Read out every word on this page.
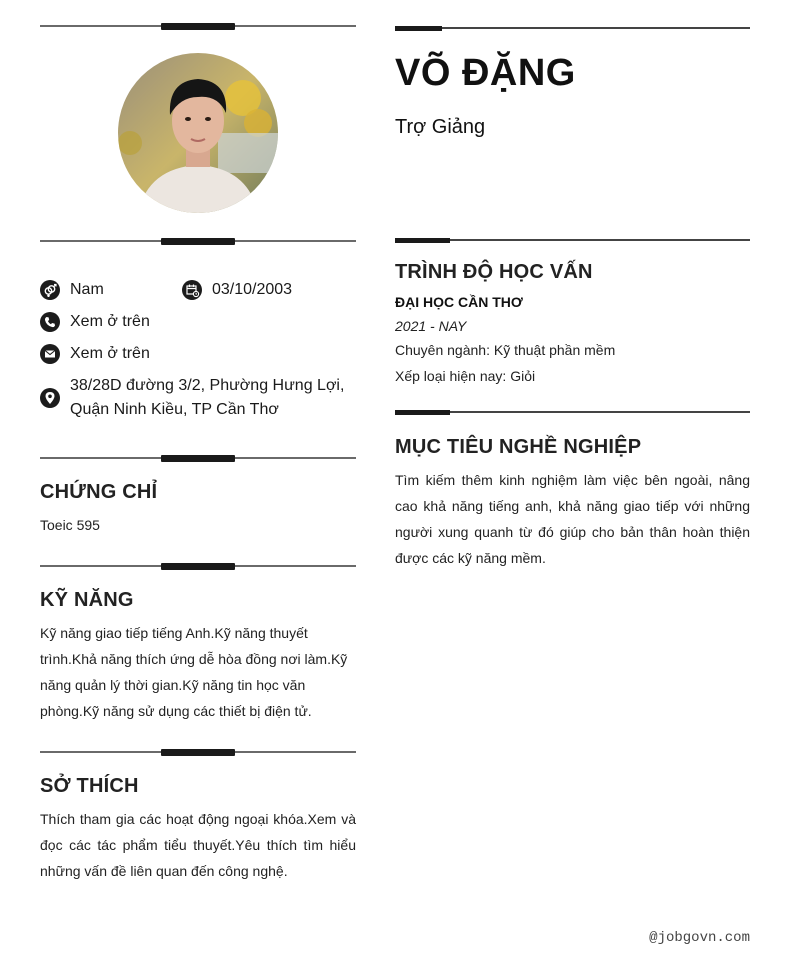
Nam	03/10/2003
Xem ở trên
Xem ở trên
38/28D đường 3/2, Phường Hưng Lợi,
Quận Ninh Kiều, TP Cần Thơ
CHỨNG CHỈ
Toeic 595
KỸ NĂNG
Kỹ năng giao tiếp tiếng Anh.Kỹ năng thuyết
trình.Khả năng thích ứng dễ hòa đồng nơi làm.Kỹ
năng quản lý thời gian.Kỹ năng tin học văn
phòng.Kỹ năng sử dụng các thiết bị điện tử.
SỞ THÍCH
Thích tham gia các hoạt động ngoại khóa.Xem và đọc các tác phẩm tiểu thuyết.Yêu thích tìm hiểu những vấn đề liên quan đến công nghệ.
VÕ ĐẶNG
Trợ Giảng
TRÌNH ĐỘ HỌC VẤN
ĐẠI HỌC CẦN THƠ
2021 - NAY
Chuyên ngành: Kỹ thuật phần mềm
Xếp loại hiện nay: Giỏi
MỤC TIÊU NGHỀ NGHIỆP
Tìm kiếm thêm kinh nghiệm làm việc bên ngoài, nâng cao khả năng tiếng anh, khả năng giao tiếp với những người xung quanh từ đó giúp cho bản thân hoàn thiện được các kỹ năng mềm.
@jobgovn.com
